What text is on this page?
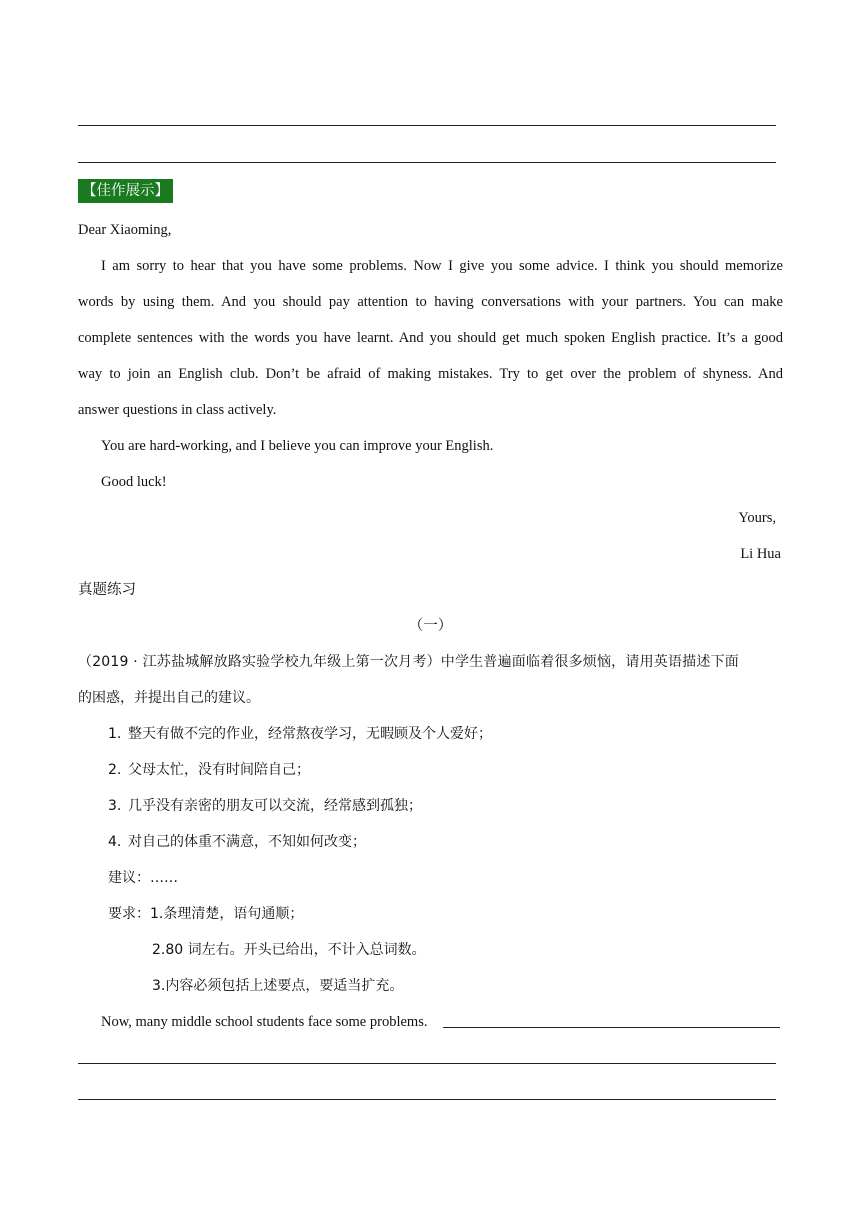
【佳作展示】
Dear Xiaoming,
I am sorry to hear that you have some problems. Now I give you some advice. I think you should memorize
words by using them. And you should pay attention to having conversations with your partners. You can make
complete sentences with the words you have learnt. And you should get much spoken English practice. It’s a good
way to join an English club. Don’t be afraid of making mistakes. Try to get over the problem of shyness. And
answer questions in class actively.
You are hard-working, and I believe you can improve your English.
Good luck!
Yours,
Li Hua
真题练习
（一）
（2019 · 江苏盐城解放路实验学校九年级上第一次月考）中学生普遍面临着很多烦恼，请用英语描述下面
的困惑，并提出自己的建议。
1. 整天有做不完的作业，经常熬夜学习，无暇顾及个人爱好；
2. 父母太忙，没有时间陪自己；
3. 几乎没有亲密的朋友可以交流，经常感到孤独；
4. 对自己的体重不满意，不知如何改变；
建议：……
要求：1.条理清楚，语句通顺；
2.80 词左右。开头已给出，不计入总词数。
3.内容必须包括上述要点，要适当扩充。
Now, many middle school students face some problems.
